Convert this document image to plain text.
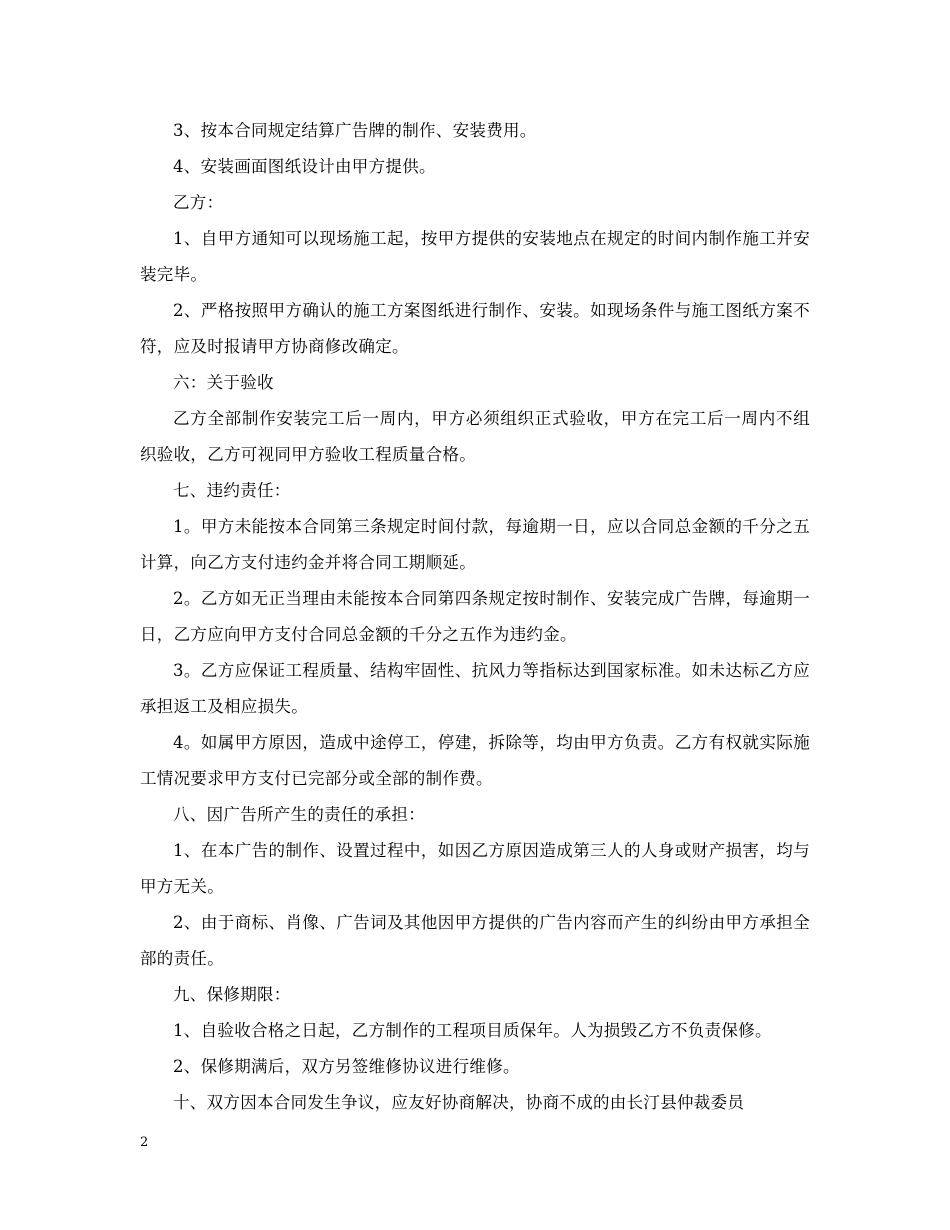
3、按本合同规定结算广告牌的制作、安装费用。

4、安装画面图纸设计由甲方提供。

乙方：

1、自甲方通知可以现场施工起，按甲方提供的安装地点在规定的时间内制作施工并安装完毕。

2、严格按照甲方确认的施工方案图纸进行制作、安装。如现场条件与施工图纸方案不符，应及时报请甲方协商修改确定。

六：关于验收

乙方全部制作安装完工后一周内，甲方必须组织正式验收，甲方在完工后一周内不组织验收，乙方可视同甲方验收工程质量合格。

七、违约责任：

1。甲方未能按本合同第三条规定时间付款，每逾期一日，应以合同总金额的千分之五计算，向乙方支付违约金并将合同工期顺延。

2。乙方如无正当理由未能按本合同第四条规定按时制作、安装完成广告牌，每逾期一日，乙方应向甲方支付合同总金额的千分之五作为违约金。

3。乙方应保证工程质量、结构牢固性、抗风力等指标达到国家标准。如未达标乙方应承担返工及相应损失。

4。如属甲方原因，造成中途停工，停建，拆除等，均由甲方负责。乙方有权就实际施工情况要求甲方支付已完部分或全部的制作费。

八、因广告所产生的责任的承担：

1、在本广告的制作、设置过程中，如因乙方原因造成第三人的人身或财产损害，均与甲方无关。

2、由于商标、肖像、广告词及其他因甲方提供的广告内容而产生的纠纷由甲方承担全部的责任。

九、保修期限：

1、自验收合格之日起，乙方制作的工程项目质保年。人为损毁乙方不负责保修。

2、保修期满后，双方另签维修协议进行维修。

十、双方因本合同发生争议，应友好协商解决，协商不成的由长汀县仲裁委员

2
